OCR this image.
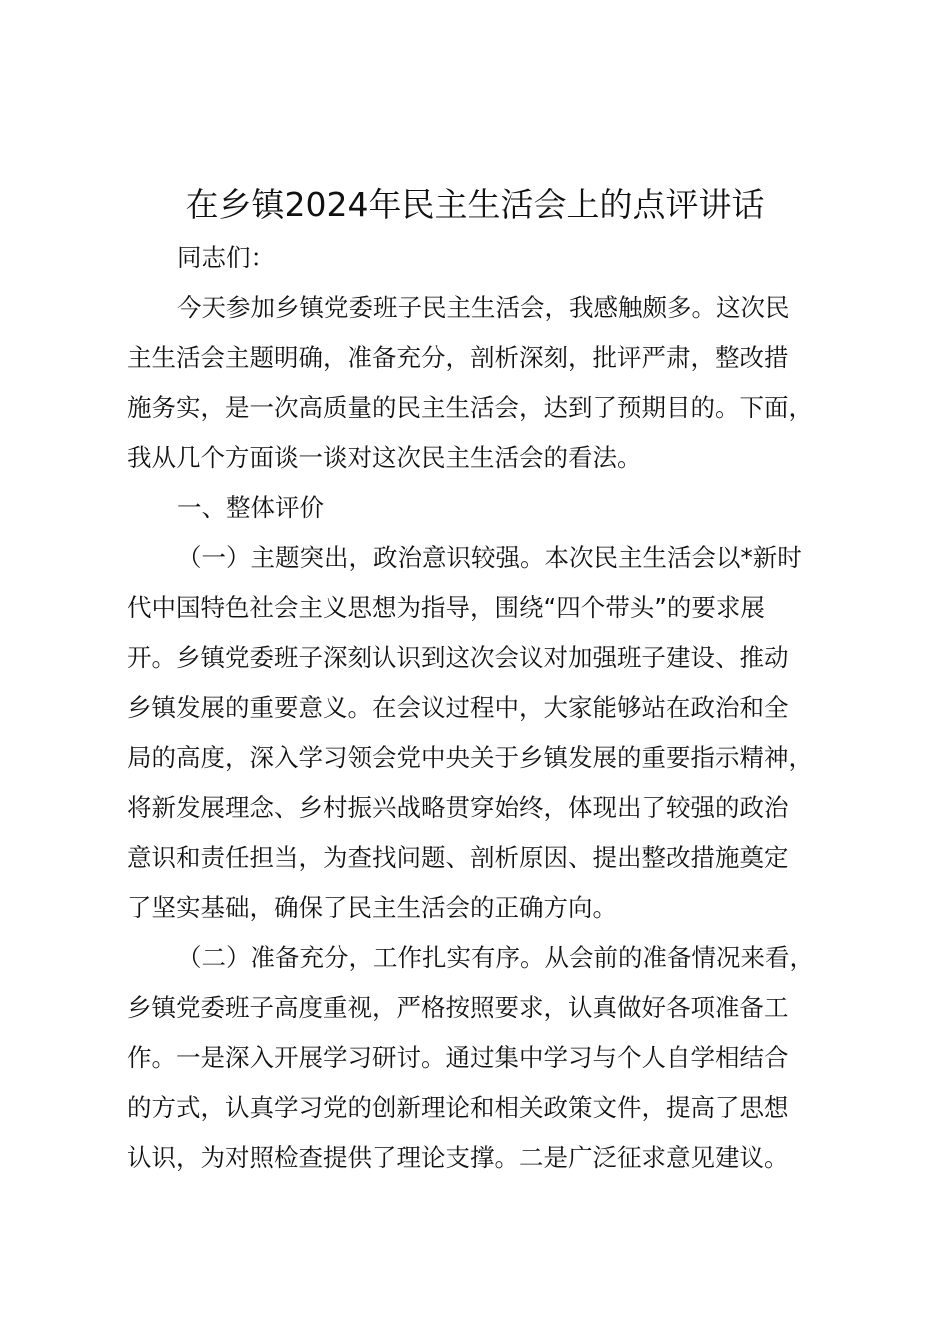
在乡镇2024年民主生活会上的点评讲话
同志们：
今天参加乡镇党委班子民主生活会，我感触颇多。这次民
主生活会主题明确，准备充分，剖析深刻，批评严肃，整改措
施务实，是一次高质量的民主生活会，达到了预期目的。下面，
我从几个方面谈一谈对这次民主生活会的看法。
一、整体评价
（一）主题突出，政治意识较强。本次民主生活会以*新时
代中国特色社会主义思想为指导，围绕“四个带头”的要求展
开。乡镇党委班子深刻认识到这次会议对加强班子建设、推动
乡镇发展的重要意义。在会议过程中，大家能够站在政治和全
局的高度，深入学习领会党中央关于乡镇发展的重要指示精神，
将新发展理念、乡村振兴战略贯穿始终，体现出了较强的政治
意识和责任担当，为查找问题、剖析原因、提出整改措施奠定
了坚实基础，确保了民主生活会的正确方向。
（二）准备充分，工作扎实有序。从会前的准备情况来看，
乡镇党委班子高度重视，严格按照要求，认真做好各项准备工
作。一是深入开展学习研讨。通过集中学习与个人自学相结合
的方式，认真学习党的创新理论和相关政策文件，提高了思想
认识，为对照检查提供了理论支撑。二是广泛征求意见建议。
